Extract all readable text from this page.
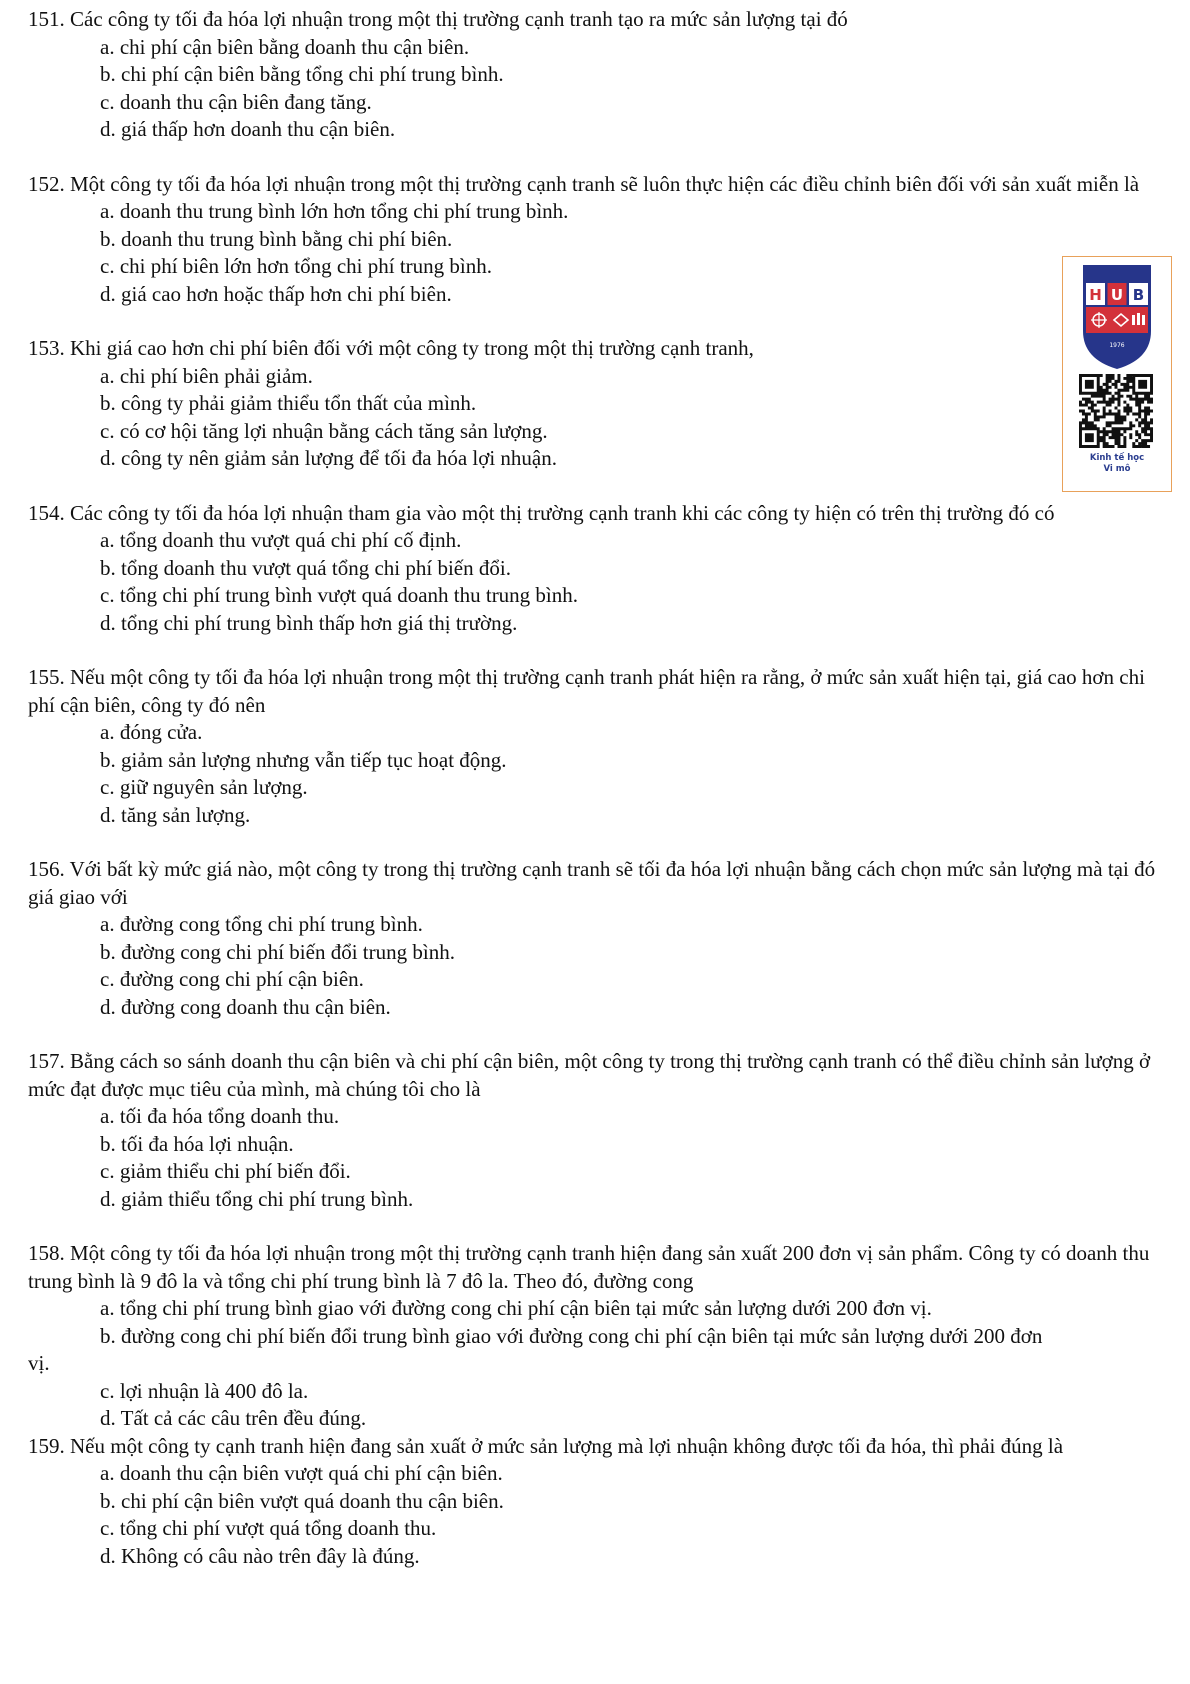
151. Các công ty tối đa hóa lợi nhuận trong một thị trường cạnh tranh tạo ra mức sản lượng tại đó

a. chi phí cận biên bằng doanh thu cận biên.

b. chi phí cận biên bằng tổng chi phí trung bình.

c. doanh thu cận biên đang tăng.

d. giá thấp hơn doanh thu cận biên.

152. Một công ty tối đa hóa lợi nhuận trong một thị trường cạnh tranh sẽ luôn thực hiện các điều chỉnh biên đối với sản xuất miễn là

a. doanh thu trung bình lớn hơn tổng chi phí trung bình.

b. doanh thu trung bình bằng chi phí biên.

c. chi phí biên lớn hơn tổng chi phí trung bình.

d. giá cao hơn hoặc thấp hơn chi phí biên.

153. Khi giá cao hơn chi phí biên đối với một công ty trong một thị trường cạnh tranh,

a. chi phí biên phải giảm.

b. công ty phải giảm thiểu tổn thất của mình.

c. có cơ hội tăng lợi nhuận bằng cách tăng sản lượng.

d. công ty nên giảm sản lượng để tối đa hóa lợi nhuận.

154. Các công ty tối đa hóa lợi nhuận tham gia vào một thị trường cạnh tranh khi các công ty hiện có trên thị trường đó có

a. tổng doanh thu vượt quá chi phí cố định.

b. tổng doanh thu vượt quá tổng chi phí biến đổi.

c. tổng chi phí trung bình vượt quá doanh thu trung bình.

d. tổng chi phí trung bình thấp hơn giá thị trường.

155. Nếu một công ty tối đa hóa lợi nhuận trong một thị trường cạnh tranh phát hiện ra rằng, ở mức sản xuất hiện tại, giá cao hơn chi phí cận biên, công ty đó nên

a. đóng cửa.

b. giảm sản lượng nhưng vẫn tiếp tục hoạt động.

c. giữ nguyên sản lượng.

d. tăng sản lượng.

156. Với bất kỳ mức giá nào, một công ty trong thị trường cạnh tranh sẽ tối đa hóa lợi nhuận bằng cách chọn mức sản lượng mà tại đó giá giao với

a. đường cong tổng chi phí trung bình.

b. đường cong chi phí biến đổi trung bình.

c. đường cong chi phí cận biên.

d. đường cong doanh thu cận biên.

157. Bằng cách so sánh doanh thu cận biên và chi phí cận biên, một công ty trong thị trường cạnh tranh có thể điều chỉnh sản lượng ở mức đạt được mục tiêu của mình, mà chúng tôi cho là

a. tối đa hóa tổng doanh thu.

b. tối đa hóa lợi nhuận.

c. giảm thiểu chi phí biến đổi.

d. giảm thiểu tổng chi phí trung bình.

158. Một công ty tối đa hóa lợi nhuận trong một thị trường cạnh tranh hiện đang sản xuất 200 đơn vị sản phẩm. Công ty có doanh thu trung bình là 9 đô la và tổng chi phí trung bình là 7 đô la. Theo đó, đường cong

a. tổng chi phí trung bình giao với đường cong chi phí cận biên tại mức sản lượng dưới 200 đơn vị.

b. đường cong chi phí biến đổi trung bình giao với đường cong chi phí cận biên tại mức sản lượng dưới 200 đơn

vị.

c. lợi nhuận là 400 đô la.

d. Tất cả các câu trên đều đúng.

159. Nếu một công ty cạnh tranh hiện đang sản xuất ở mức sản lượng mà lợi nhuận không được tối đa hóa, thì phải đúng là

a. doanh thu cận biên vượt quá chi phí cận biên.

b. chi phí cận biên vượt quá doanh thu cận biên.

c. tổng chi phí vượt quá tổng doanh thu.

d. Không có câu nào trên đây là đúng.

H U B
1976
Kinh tế học
Vi mô
